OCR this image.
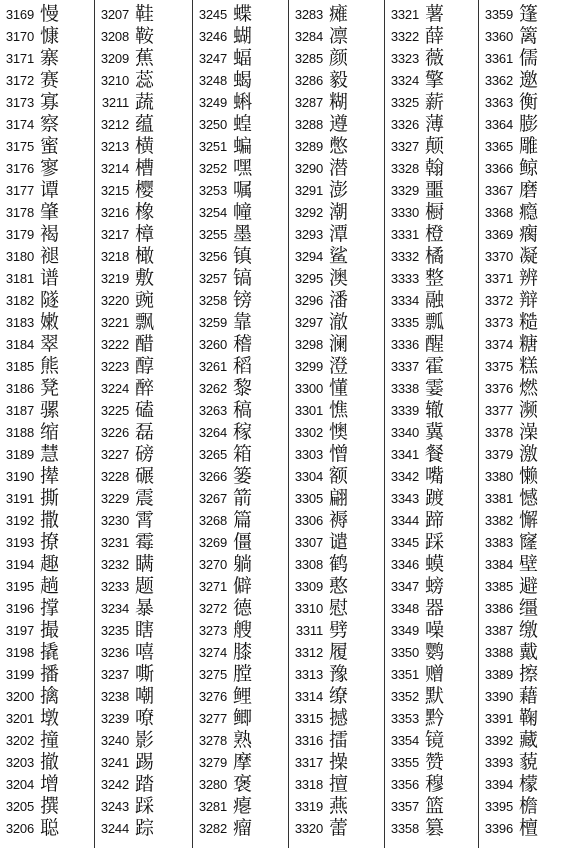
3169 慢
3170 慷
3171 寨
3172 赛
3173 寡
3174 察
3175 蜜
3176 寥
3177 谭
3178 肇
3179 褐
3180 褪
3181 谱
3182 隧
3183 嫩
3184 翠
3185 熊
3186 凳
3187 骡
3188 缩
3189 慧
3190 撵
3191 撕
3192 撒
3193 撩
3194 趣
3195 趟
3196 撑
3197 撮
3198 撬
3199 播
3200 擒
3201 墩
3202 撞
3203 撤
3204 增
3205 撰
3206 聪
3207 鞋
3208 鞍
3209 蕉
3210 蕊
3211 蔬
3212 蕴
3213 横
3214 槽
3215 樱
3216 橡
3217 樟
3218 橄
3219 敷
3220 豌
3221 飘
3222 醋
3223 醇
3224 醉
3225 磕
3226 磊
3227 磅
3228 碾
3229 震
3230 霄
3231 霉
3232 瞒
3233 题
3234 暴
3235 瞎
3236 嘻
3237 嘶
3238 嘲
3239 嘹
3240 影
3241 踢
3242 踏
3243 踩
3244 踪
3245 蝶
3246 蝴
3247 蝠
3248 蝎
3249 蝌
3250 蝗
3251 蝙
3252 嘿
3253 嘱
3254 幢
3255 墨
3256 镇
3257 镐
3258 镑
3259 靠
3260 稽
3261 稻
3262 黎
3263 稿
3264 稼
3265 箱
3266 篓
3267 箭
3268 篇
3269 僵
3270 躺
3271 僻
3272 德
3273 艘
3274 膝
3275 膛
3276 鲤
3277 鲫
3278 熟
3279 摩
3280 褒
3281 瘪
3282 瘤
3283 瘫
3284 凛
3285 颜
3286 毅
3287 糊
3288 遵
3289 憋
3290 潜
3291 澎
3292 潮
3293 潭
3294 鲨
3295 澳
3296 潘
3297 澈
3298 澜
3299 澄
3300 懂
3301 憔
3302 懊
3303 憎
3304 额
3305 翩
3306 褥
3307 谴
3308 鹤
3309 憨
3310 慰
3311 劈
3312 履
3313 豫
3314 缭
3315 撼
3316 擂
3317 操
3318 擅
3319 燕
3320 蕾
3321 薯
3322 薛
3323 薇
3324 擎
3325 薪
3326 薄
3327 颠
3328 翰
3329 噩
3330 橱
3331 橙
3332 橘
3333 整
3334 融
3335 瓢
3336 醒
3337 霍
3338 霎
3339 辙
3340 冀
3341 餐
3342 嘴
3343 踱
3344 蹄
3345 踩
3346 蟆
3347 螃
3348 器
3349 噪
3350 鹦
3351 赠
3352 默
3353 黔
3354 镜
3355 赞
3356 穆
3357 篮
3358 篡
3359 篷
3360 篱
3361 儒
3362 邀
3363 衡
3364 膨
3365 雕
3366 鲸
3367 磨
3368 瘾
3369 瘸
3370 凝
3371 辨
3372 辩
3373 糙
3374 糖
3375 糕
3376 燃
3377 濒
3378 澡
3379 激
3380 懒
3381 憾
3382 懈
3383 窿
3384 壁
3385 避
3386 缰
3387 缴
3388 戴
3389 擦
3390 藉
3391 鞠
3392 藏
3393 藐
3394 檬
3395 檐
3396 檀
